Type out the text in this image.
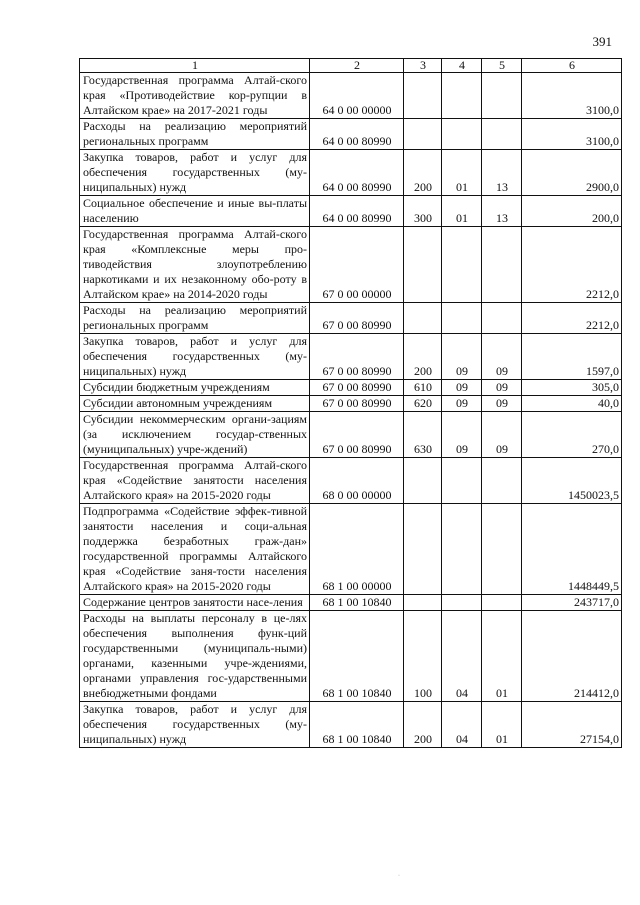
391
1	2	3	4	5	6
Государственная программа Алтай-ского края «Противодействие кор-рупции в Алтайском крае» на 2017-2021 годы	64 0 00 00000				3100,0
Расходы на реализацию мероприятий региональных программ	64 0 00 80990				3100,0
Закупка товаров, работ и услуг для обеспечения государственных (му-ниципальных) нужд	64 0 00 80990	200	01	13	2900,0
Социальное обеспечение и иные вы-платы населению	64 0 00 80990	300	01	13	200,0
Государственная программа Алтай-ского края «Комплексные меры про-тиводействия злоупотреблению наркотиками и их незаконному обо-роту в Алтайском крае» на 2014-2020 годы	67 0 00 00000				2212,0
Расходы на реализацию мероприятий региональных программ	67 0 00 80990				2212,0
Закупка товаров, работ и услуг для обеспечения государственных (му-ниципальных) нужд	67 0 00 80990	200	09	09	1597,0
Субсидии бюджетным учреждениям	67 0 00 80990	610	09	09	305,0
Субсидии автономным учреждениям	67 0 00 80990	620	09	09	40,0
Субсидии некоммерческим органи-зациям (за исключением государ-ственных (муниципальных) учре-ждений)	67 0 00 80990	630	09	09	270,0
Государственная программа Алтай-ского края «Содействие занятости населения Алтайского края» на 2015-2020 годы	68 0 00 00000				1450023,5
Подпрограмма «Содействие эффек-тивной занятости населения и соци-альная поддержка безработных граж-дан» государственной программы Алтайского края «Содействие заня-тости населения Алтайского края» на 2015-2020 годы	68 1 00 00000				1448449,5
Содержание центров занятости насе-ления	68 1 00 10840				243717,0
Расходы на выплаты персоналу в це-лях обеспечения выполнения функ-ций государственными (муниципаль-ными) органами, казенными учре-ждениями, органами управления гос-ударственными внебюджетными фондами	68 1 00 10840	100	04	01	214412,0
Закупка товаров, работ и услуг для обеспечения государственных (му-ниципальных) нужд	68 1 00 10840	200	04	01	27154,0
·
